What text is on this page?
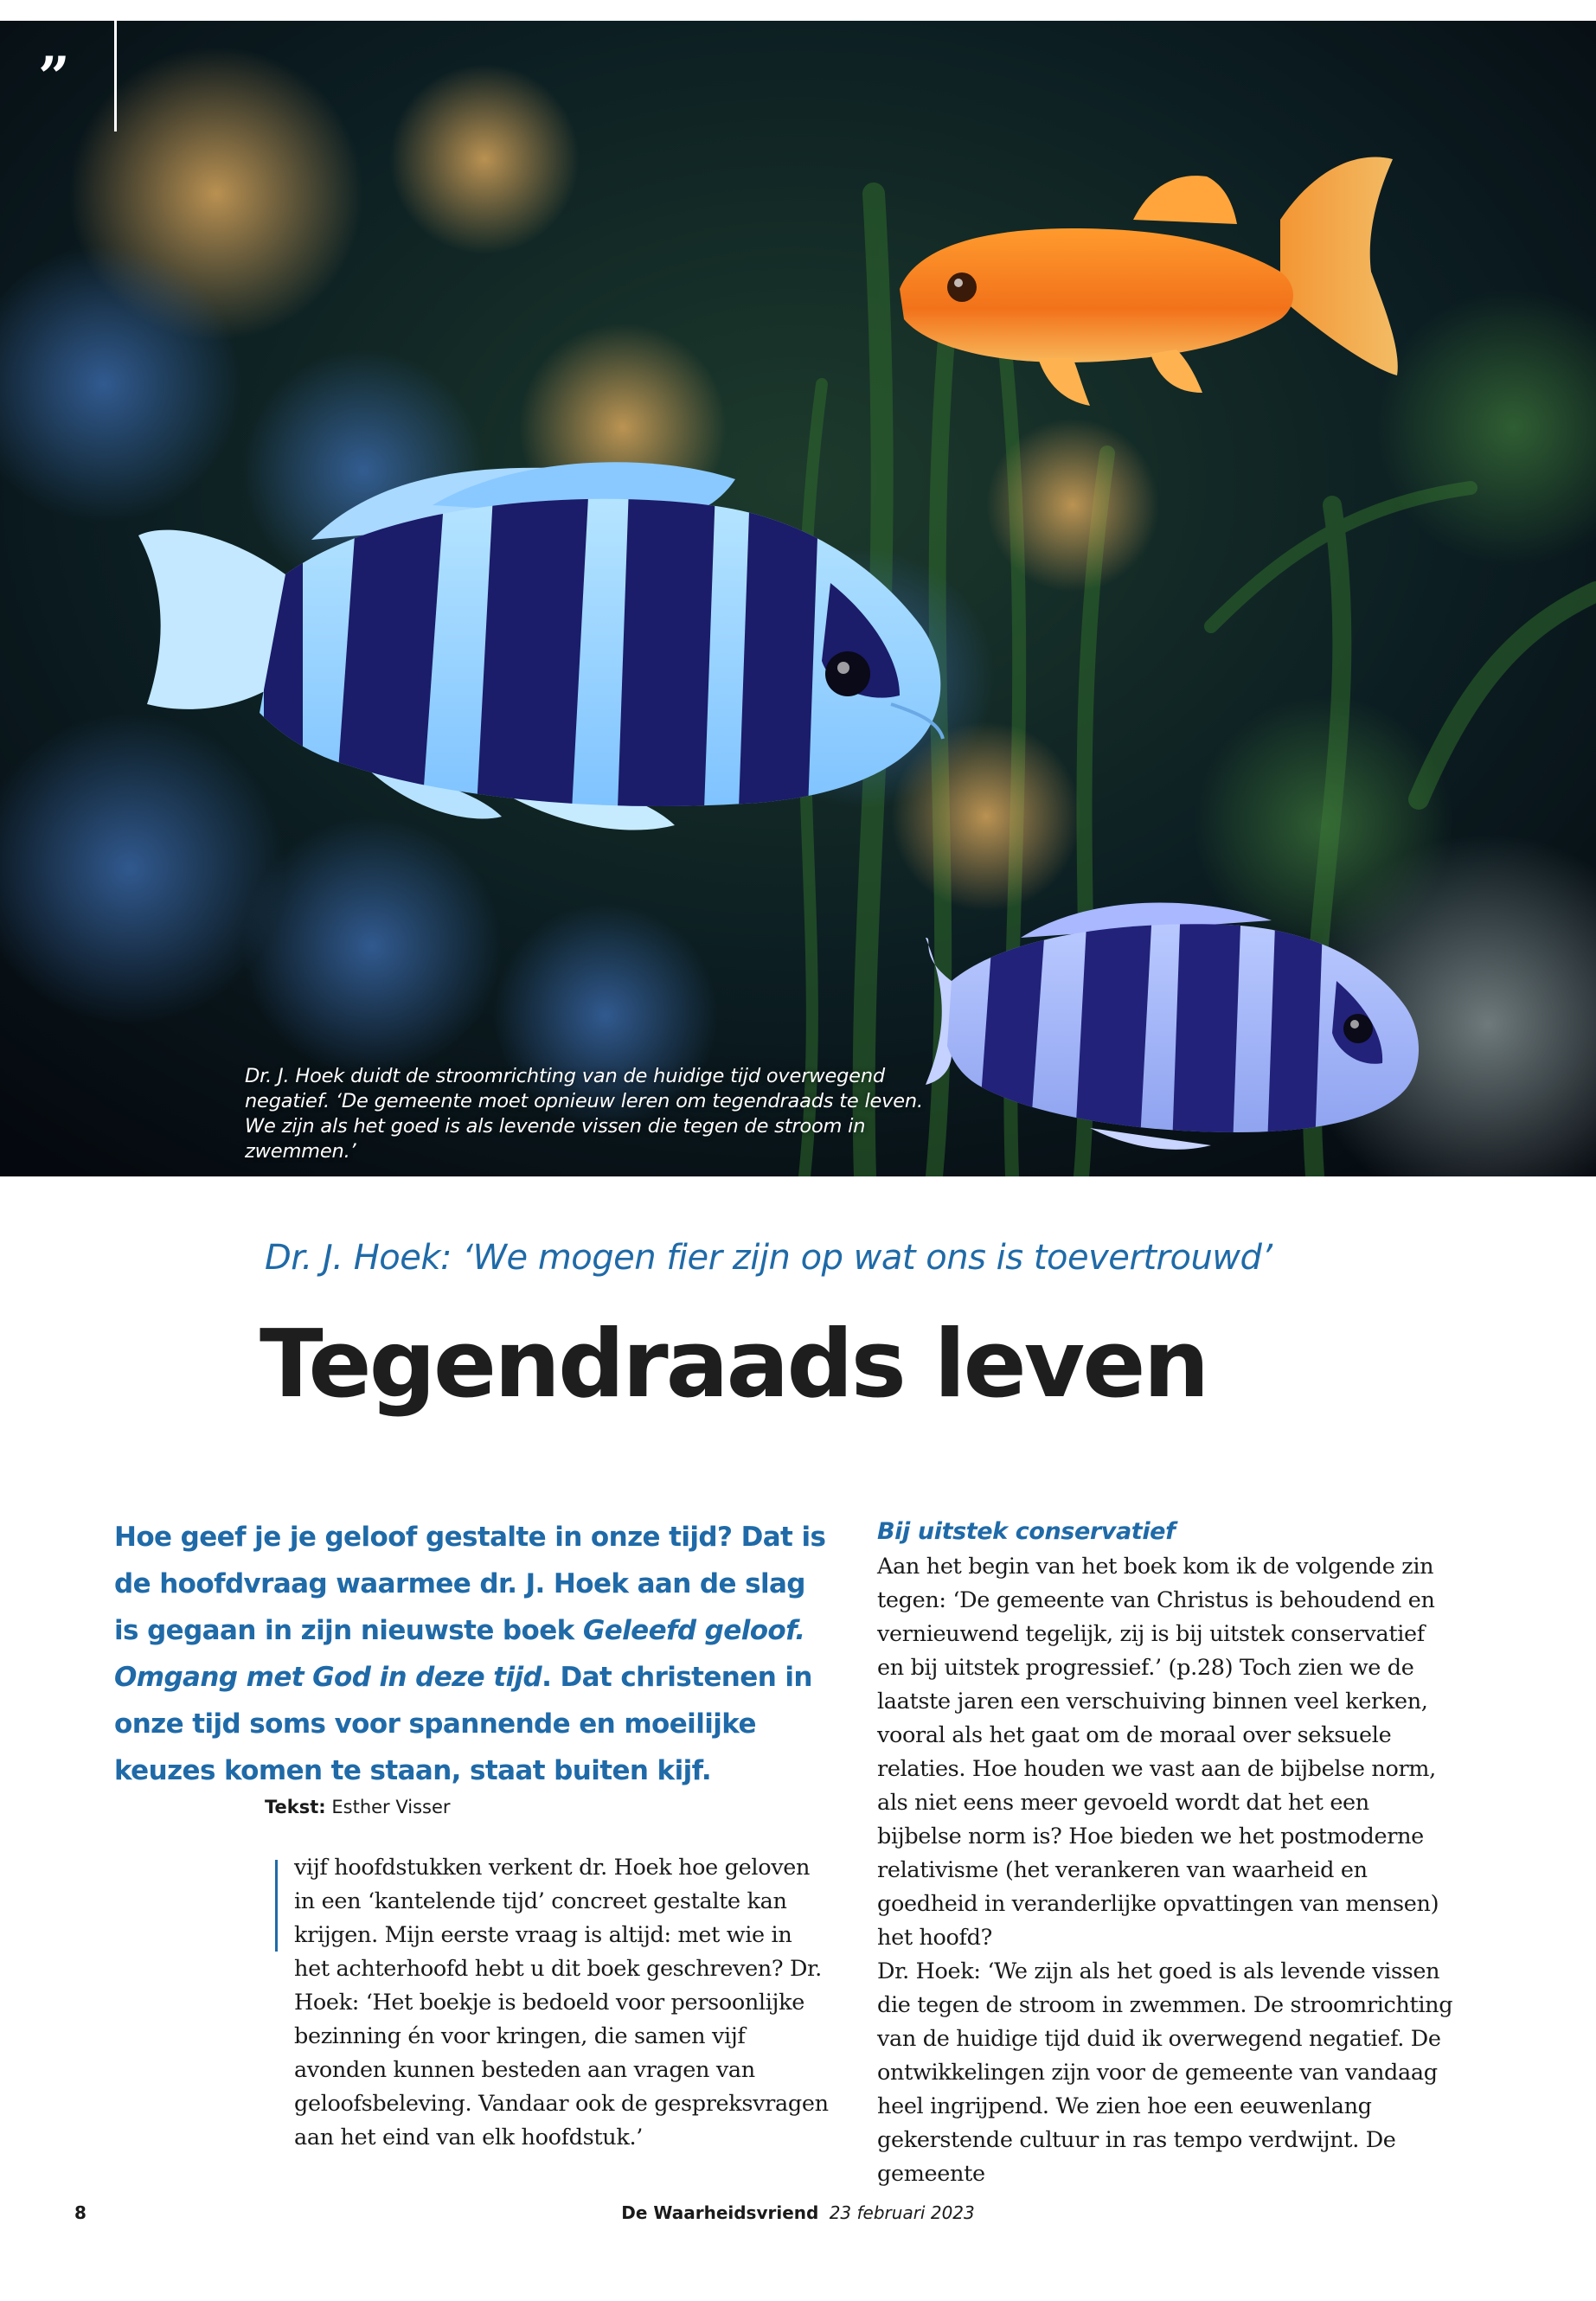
”
Dr. J. Hoek duidt de stroomrichting van de huidige tijd overwegend negatief. ‘De gemeente moet opnieuw leren om tegendraads te leven. We zijn als het goed is als levende vissen die tegen de stroom in zwemmen.’
Dr. J. Hoek: ‘We mogen fier zijn op wat ons is toevertrouwd’
Tegendraads leven
Hoe geef je je geloof gestalte in onze tijd? Dat is de hoofdvraag waarmee dr. J. Hoek aan de slag is gegaan in zijn nieuwste boek Geleefd geloof. Omgang met God in deze tijd. Dat christenen in onze tijd soms voor spannende en moeilijke keuzes komen te staan, staat buiten kijf.
Tekst: Esther Visser

vijf hoofdstukken verkent dr. Hoek hoe geloven in een ‘kantelende tijd’ concreet gestalte kan krijgen. Mijn eerste vraag is altijd: met wie in het achterhoofd hebt u dit boek geschreven? Dr. Hoek: ‘Het boekje is bedoeld voor persoonlijke bezinning én voor kringen, die samen vijf avonden kunnen besteden aan vragen van geloofsbeleving. Vandaar ook de gespreksvragen aan het eind van elk hoofdstuk.’

Bij uitstek conservatief

Aan het begin van het boek kom ik de volgende zin tegen: ‘De gemeente van Christus is behoudend en vernieuwend tegelijk, zij is bij uitstek conservatief en bij uitstek progressief.’ (p.28) Toch zien we de laatste jaren een verschuiving binnen veel kerken, vooral als het gaat om de moraal over seksuele relaties. Hoe houden we vast aan de bijbelse norm, als niet eens meer gevoeld wordt dat het een bijbelse norm is? Hoe bieden we het postmoderne relativisme (het verankeren van waarheid en goedheid in veranderlijke opvattingen van mensen) het hoofd?

Dr. Hoek: ‘We zijn als het goed is als levende vissen die tegen de stroom in zwemmen. De stroomrichting van de huidige tijd duid ik overwegend negatief. De ontwikkelingen zijn voor de gemeente van vandaag heel ingrijpend. We zien hoe een eeuwenlang gekerstende cultuur in ras tempo verdwijnt. De gemeente

8	De Waarheidsvriend 23 februari 2023
